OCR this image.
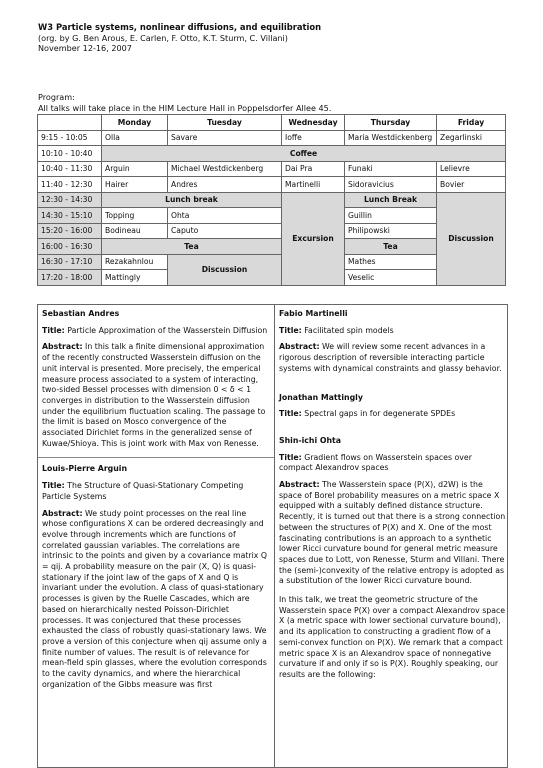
W3 Particle systems, nonlinear diffusions, and equilibration
(org. by G. Ben Arous, E. Carlen, F. Otto, K.T. Sturm, C. Villani)
November 12-16, 2007
Program:
All talks will take place in the HIM Lecture Hall in Poppelsdorfer Allee 45.
	Monday	Tuesday	Wednesday	Thursday	Friday
9:15 - 10:05	Olla	Savare	Ioffe	Maria Westdickenberg	Zegarlinski
10:10 - 10:40	Coffee				
10:40 - 11:30	Arguin	Michael Westdickenberg	Dai Pra	Funaki	Lelievre
11:40 - 12:30	Hairer	Andres	Martinelli	Sidoravicius	Bovier
12:30 - 14:30	Lunch break		Excursion	Lunch Break	Discussion
14:30 - 15:10	Topping	Ohta		Guillin	
15:20 - 16:00	Bodineau	Caputo		Philipowski	
16:00 - 16:30	Tea			Tea	
16:30 - 17:10	Rezakahnlou	Discussion		Mathes	
17:20 - 18:00	Mattingly			Veselic	
Sebastian Andres
Title: Particle Approximation of the Wasserstein Diffusion
Abstract: In this talk a finite dimensional approximation of the recently constructed Wasserstein diffusion on the unit interval is presented. More precisely, the emperical measure process associated to a system of interacting, two-sided Bessel processes with dimension 0 < δ < 1 converges in distribution to the Wasserstein diffusion under the equilibrium fluctuation scaling. The passage to the limit is based on Mosco convergence of the associated Dirichlet forms in the generalized sense of Kuwae/Shioya. This is joint work with Max von Renesse.
Louis-Pierre Arguin
Title: The Structure of Quasi-Stationary Competing Particle Systems
Abstract: We study point processes on the real line whose configurations X can be ordered decreasingly and evolve through increments which are functions of correlated gaussian variables. The correlations are intrinsic to the points and given by a covariance matrix Q = qij. A probability measure on the pair (X, Q) is quasi-stationary if the joint law of the gaps of X and Q is invariant under the evolution. A class of quasi-stationary processes is given by the Ruelle Cascades, which are based on hierarchically nested Poisson-Dirichlet processes. It was conjectured that these processes exhausted the class of robustly quasi-stationary laws. We prove a version of this conjecture when qij assume only a finite number of values. The result is of relevance for mean-field spin glasses, where the evolution corresponds to the cavity dynamics, and where the hierarchical organization of the Gibbs measure was first
Fabio Martinelli
Title: Facilitated spin models
Abstract: We will review some recent advances in a rigorous description of reversible interacting particle systems with dynamical constraints and glassy behavior.
Jonathan Mattingly
Title: Spectral gaps in for degenerate SPDEs
Shin-ichi Ohta
Title: Gradient flows on Wasserstein spaces over compact Alexandrov spaces
Abstract: The Wasserstein space (P(X), d2W) is the space of Borel probability measures on a metric space X equipped with a suitably defined distance structure. Recently, it is turned out that there is a strong connection between the structures of P(X) and X. One of the most fascinating contributions is an approach to a synthetic lower Ricci curvature bound for general metric measure spaces due to Lott, von Renesse, Sturm and Villani. There the (semi-)convexity of the relative entropy is adopted as a substitution of the lower Ricci curvature bound.
In this talk, we treat the geometric structure of the Wasserstein space P(X) over a compact Alexandrov space X (a metric space with lower sectional curvature bound), and its application to constructing a gradient flow of a semi-convex function on P(X). We remark that a compact metric space X is an Alexandrov space of nonnegative curvature if and only if so is P(X). Roughly speaking, our results are the following:
